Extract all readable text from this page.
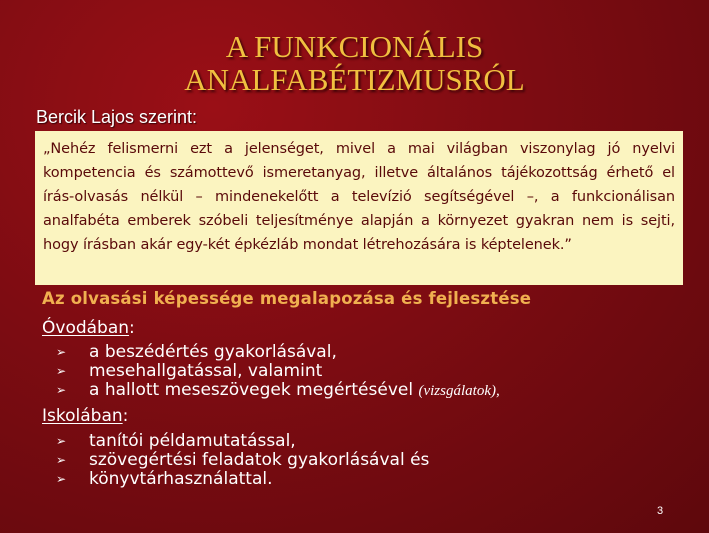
A FUNKCIONÁLIS
ANALFABÉTIZMUSRÓL
Bercik Lajos szerint:

„Nehéz felismerni ezt a jelenséget, mivel a mai világban viszonylag jó nyelvi kompetencia és számottevő ismeretanyag, illetve általános tájékozottság érhető el írás-olvasás nélkül – mindenekelőtt a televízió segítségével –, a funkcionálisan analfabéta emberek szóbeli teljesítménye alapján a környezet gyakran nem is sejti, hogy írásban akár egy-két épkézláb mondat létrehozására is képtelenek.”

Az olvasási képessége megalapozása és fejlesztése
Óvodában:
➢ a beszédértés gyakorlásával,
➢ mesehallgatással, valamint
➢ a hallott meseszövegek megértésével (vizsgálatok),
Iskolában:
➢ tanítói példamutatással,
➢ szövegértési feladatok gyakorlásával és
➢ könyvtárhasználattal.
3
